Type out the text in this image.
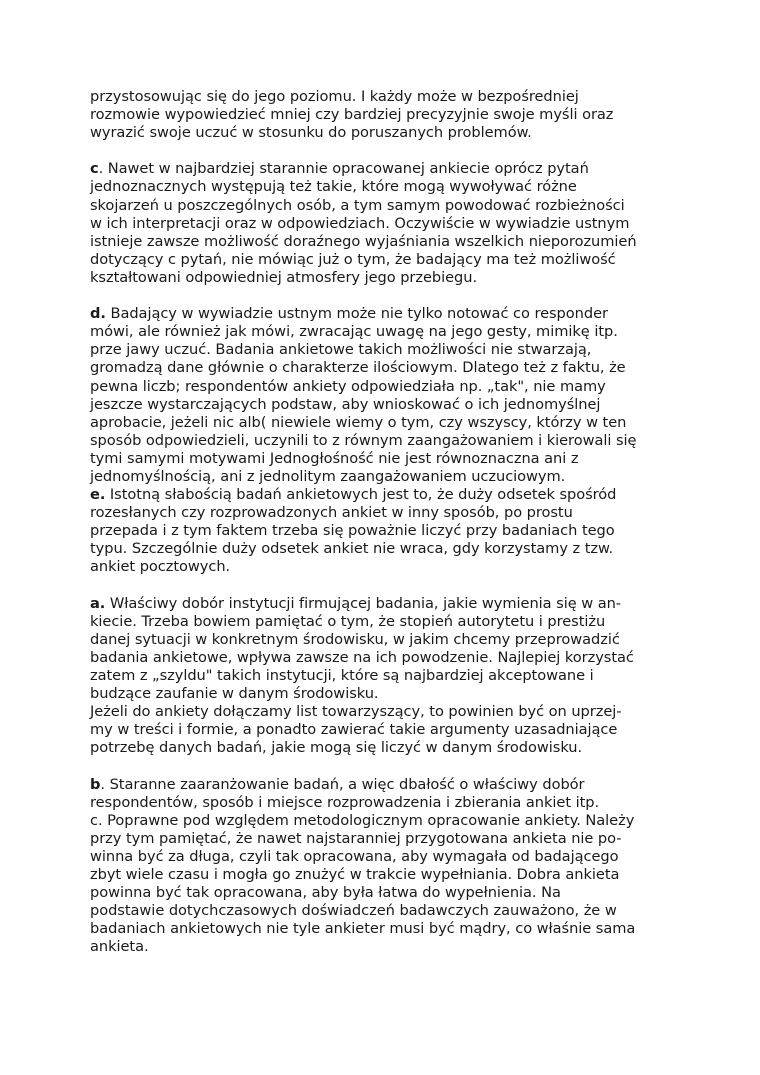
przystosowując się do jego poziomu. I każdy może w bezpośredniej
rozmowie wypowiedzieć mniej czy bardziej precyzyjnie swoje myśli oraz
wyrazić swoje uczuć w stosunku do poruszanych problemów.
c. Nawet w najbardziej starannie opracowanej ankiecie oprócz pytań
jednoznacznych występują też takie, które mogą wywoływać różne
skojarzeń u poszczególnych osób, a tym samym powodować rozbieżności
w ich interpretacji oraz w odpowiedziach. Oczywiście w wywiadzie ustnym
istnieje zawsze możliwość doraźnego wyjaśniania wszelkich nieporozumień
dotyczący c pytań, nie mówiąc już o tym, że badający ma też możliwość
kształtowani odpowiedniej atmosfery jego przebiegu.
d. Badający w wywiadzie ustnym może nie tylko notować co responder
mówi, ale również jak mówi, zwracając uwagę na jego gesty, mimikę itp.
prze jawy uczuć. Badania ankietowe takich możliwości nie stwarzają,
gromadzą dane głównie o charakterze ilościowym. Dlatego też z faktu, że
pewna liczb; respondentów ankiety odpowiedziała np. „tak", nie mamy
jeszcze wystarczających podstaw, aby wnioskować o ich jednomyślnej
aprobacie, jeżeli nic alb( niewiele wiemy o tym, czy wszyscy, którzy w ten
sposób odpowiedzieli, uczynili to z równym zaangażowaniem i kierowali się
tymi samymi motywami Jednogłośność nie jest równoznaczna ani z
jednomyślnością, ani z jednolitym zaangażowaniem uczuciowym.
e. Istotną słabością badań ankietowych jest to, że duży odsetek spośród
rozesłanych czy rozprowadzonych ankiet w inny sposób, po prostu
przepada i z tym faktem trzeba się poważnie liczyć przy badaniach tego
typu. Szczególnie duży odsetek ankiet nie wraca, gdy korzystamy z tzw.
ankiet pocztowych.
a. Właściwy dobór instytucji firmującej badania, jakie wymienia się w an-
kiecie. Trzeba bowiem pamiętać o tym, że stopień autorytetu i prestiżu
danej sytuacji w konkretnym środowisku, w jakim chcemy przeprowadzić
badania ankietowe, wpływa zawsze na ich powodzenie. Najlepiej korzystać
zatem z „szyldu" takich instytucji, które są najbardziej akceptowane i
budzące zaufanie w danym środowisku.
Jeżeli do ankiety dołączamy list towarzyszący, to powinien być on uprzej-
my w treści i formie, a ponadto zawierać takie argumenty uzasadniające
potrzebę danych badań, jakie mogą się liczyć w danym środowisku.
b. Staranne zaaranżowanie badań, a więc dbałość o właściwy dobór
respondentów, sposób i miejsce rozprowadzenia i zbierania ankiet itp.
c. Poprawne pod względem metodologicznym opracowanie ankiety. Należy
przy tym pamiętać, że nawet najstaranniej przygotowana ankieta nie po-
winna być za długa, czyli tak opracowana, aby wymagała od badającego
zbyt wiele czasu i mogła go znużyć w trakcie wypełniania. Dobra ankieta
powinna być tak opracowana, aby była łatwa do wypełnienia. Na
podstawie dotychczasowych doświadczeń badawczych zauważono, że w
badaniach ankietowych nie tyle ankieter musi być mądry, co właśnie sama
ankieta.
